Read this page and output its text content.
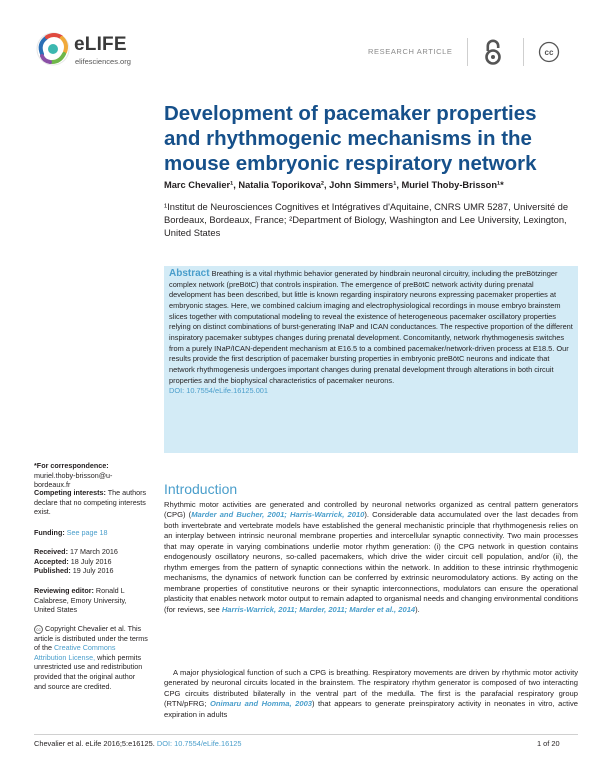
eLIFE
elifesciences.org
RESEARCH ARTICLE	cc
Development of pacemaker properties and rhythmogenic mechanisms in the mouse embryonic respiratory network
Marc Chevalier¹, Natalia Toporikova², John Simmers¹, Muriel Thoby-Brisson¹*
¹Institut de Neurosciences Cognitives et Intégratives d'Aquitaine, CNRS UMR 5287, Université de Bordeaux, Bordeaux, France; ²Department of Biology, Washington and Lee University, Lexington, United States
Abstract Breathing is a vital rhythmic behavior generated by hindbrain neuronal circuitry, including the preBötzinger complex network (preBötC) that controls inspiration. The emergence of preBötC network activity during prenatal development has been described, but little is known regarding inspiratory neurons expressing pacemaker properties at embryonic stages. Here, we combined calcium imaging and electrophysiological recordings in mouse embryo brainstem slices together with computational modeling to reveal the existence of heterogeneous pacemaker oscillatory properties relying on distinct combinations of burst-generating INaP and ICAN conductances. The respective proportion of the different inspiratory pacemaker subtypes changes during prenatal development. Concomitantly, network rhythmogenesis switches from a purely INaP/ICAN-dependent mechanism at E16.5 to a combined pacemaker/network-driven process at E18.5. Our results provide the first description of pacemaker bursting properties in embryonic preBötC neurons and indicate that network rhythmogenesis undergoes important changes during prenatal development through alterations in both circuit properties and the biophysical characteristics of pacemaker neurons.
DOI: 10.7554/eLife.16125.001
*For correspondence: muriel.thoby-brisson@u-bordeaux.fr
Competing interests: The authors declare that no competing interests exist.
Funding: See page 18
Received: 17 March 2016
Accepted: 18 July 2016
Published: 19 July 2016
Reviewing editor: Ronald L Calabrese, Emory University, United States
cc Copyright Chevalier et al. This article is distributed under the terms of the Creative Commons Attribution License, which permits unrestricted use and redistribution provided that the original author and source are credited.
Introduction

Rhythmic motor activities are generated and controlled by neuronal networks organized as central pattern generators (CPG) (Marder and Bucher, 2001; Harris-Warrick, 2010). Considerable data accumulated over the last decades from both invertebrate and vertebrate models have established the general mechanistic principle that rhythmogenesis relies on an interplay between intrinsic neuronal membrane properties and intercellular synaptic connectivity. Two main processes that may operate in varying combinations underlie motor rhythm generation: (i) the CPG network in question contains endogenously oscillatory neurons, so-called pacemakers, which drive the wider circuit cell population, and/or (ii), the rhythm emerges from the pattern of synaptic connections within the network. In addition to these intrinsic rhythmogenic mechanisms, the dynamics of network function can be conferred by extrinsic neuromodulatory actions. By acting on the membrane properties of constitutive neurons or their synaptic interconnections, modulators can ensure the operational plasticity that enables network motor output to remain adapted to organismal needs and changing environmental conditions (for reviews, see Harris-Warrick, 2011; Marder, 2011; Marder et al., 2014).

A major physiological function of such a CPG is breathing. Respiratory movements are driven by rhythmic motor activity generated by neuronal circuits located in the brainstem. The respiratory rhythm generator is composed of two interacting CPG circuits distributed bilaterally in the ventral part of the medulla. The first is the parafacial respiratory group (RTN/pFRG; Onimaru and Homma, 2003) that appears to generate preinspiratory activity in neonates in vitro, active expiration in adults

Chevalier et al. eLife 2016;5:e16125. DOI: 10.7554/eLife.16125	1 of 20
